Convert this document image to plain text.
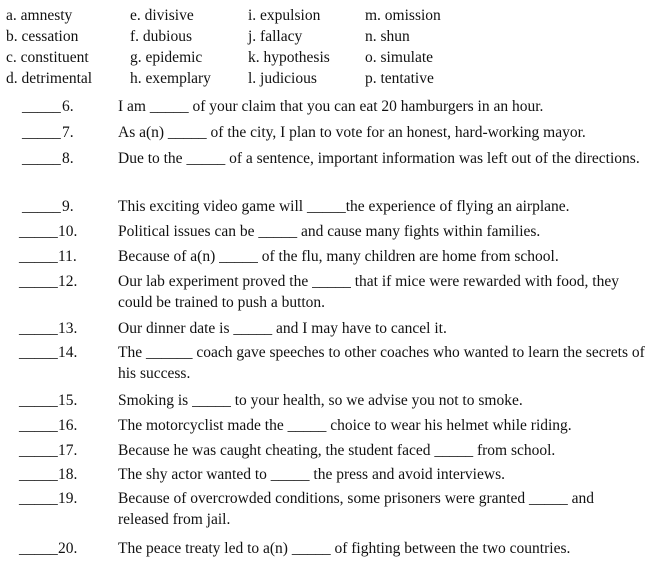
a. amnesty	e. divisive	i. expulsion	m. omission
b. cessation	f. dubious	j. fallacy	n. shun
c. constituent	g. epidemic	k. hypothesis o. simulate
d. detrimental h. exemplary l. judicious	p. tentative
_____ 6.	I am _____ of your claim that you can eat 20 hamburgers in an hour.
_____ 7.	As a(n) _____ of the city, I plan to vote for an honest, hard-working mayor.
_____ 8.	Due to the _____ of a sentence, important information was left out of the directions.
_____ 9.	This exciting video game will _____the experience of flying an airplane.
_____ 10.	Political issues can be _____ and cause many fights within families.
_____ 11.	Because of a(n) _____ of the flu, many children are home from school.
_____ 12.	Our lab experiment proved the _____ that if mice were rewarded with food, they could be trained to push a button.
_____ 13.	Our dinner date is _____ and I may have to cancel it.
_____ 14.	The ______ coach gave speeches to other coaches who wanted to learn the secrets of his success.
_____ 15.	Smoking is _____ to your health, so we advise you not to smoke.
_____ 16.	The motorcyclist made the _____ choice to wear his helmet while riding.
_____ 17.	Because he was caught cheating, the student faced _____ from school.
_____ 18.	The shy actor wanted to _____ the press and avoid interviews.
_____ 19.	Because of overcrowded conditions, some prisoners were granted _____ and released from jail.
_____ 20.	The peace treaty led to a(n) _____ of fighting between the two countries.
